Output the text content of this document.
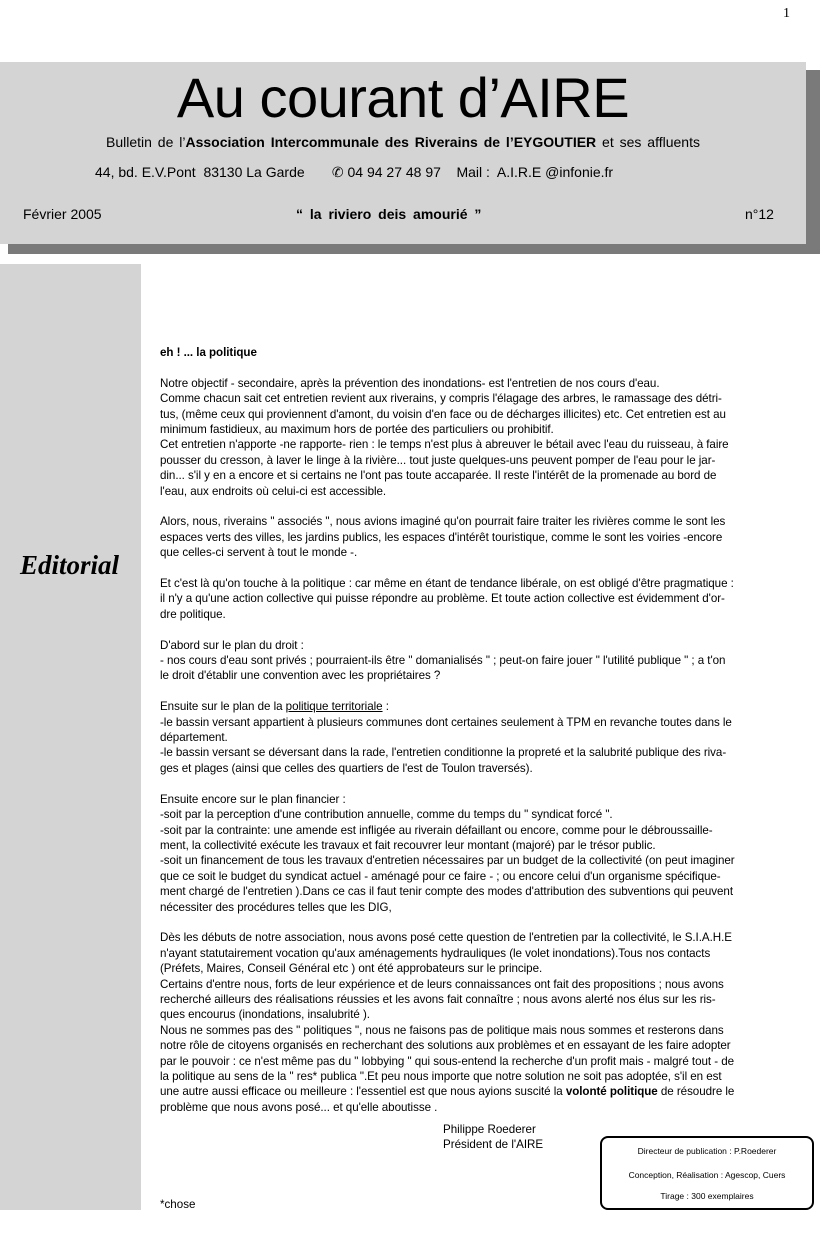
1
Au courant d’AIRE
Bulletin de l’Association Intercommunale des Riverains de l’EYGOUTIER et ses affluents
44, bd. E.V.Pont  83130 La Garde       ✆ 04 94 27 48 97    Mail :  A.I.R.E @infonie.fr
Février 2005	“ la riviero deis amourié ”	n°12
Editorial
eh ! ... la politique

Notre objectif - secondaire, après la prévention des inondations- est l'entretien de nos cours d'eau.
Comme chacun sait cet entretien revient aux riverains, y compris l'élagage des arbres, le ramassage des détri-
tus, (même ceux qui proviennent d'amont, du voisin d'en face ou de décharges illicites) etc. Cet entretien est au
minimum fastidieux, au maximum hors de portée des particuliers ou prohibitif.
Cet entretien n'apporte -ne rapporte- rien : le temps n'est plus à abreuver le bétail avec l'eau du ruisseau, à faire
pousser du cresson, à laver le linge à la rivière... tout juste quelques-uns peuvent pomper de l'eau pour le jar-
din... s'il y en a encore et si certains ne l'ont pas toute accaparée. Il reste l'intérêt de la promenade au bord de
l'eau, aux endroits où celui-ci est accessible.

Alors, nous, riverains " associés ", nous avions imaginé qu'on pourrait faire traiter les rivières comme le sont les
espaces verts des villes, les jardins publics, les espaces d'intérêt touristique, comme le sont les voiries -encore
que celles-ci servent à tout le monde -.

Et c'est là qu'on touche à la politique : car même en étant de tendance libérale, on est obligé d'être pragmatique :
il n'y a qu'une action collective qui puisse répondre au problème. Et toute action collective est évidemment d'or-
dre politique.

D'abord sur le plan du droit :
- nos cours d'eau sont privés ; pourraient-ils être " domanialisés " ; peut-on faire jouer " l'utilité publique " ; a t'on
le droit d'établir une convention avec les propriétaires ?

Ensuite sur le plan de la politique territoriale :
-le bassin versant appartient à plusieurs communes dont certaines seulement à TPM en revanche toutes dans le
département.
-le bassin versant se déversant dans la rade, l'entretien conditionne la propreté et la salubrité publique des riva-
ges et plages (ainsi que celles des quartiers de l'est de Toulon traversés).

Ensuite encore sur le plan financier :
-soit par la perception d'une contribution annuelle, comme du temps du " syndicat forcé ".
-soit par la contrainte: une amende est infligée au riverain défaillant ou encore, comme pour le débroussaille-
ment, la collectivité exécute les travaux et fait recouvrer leur montant (majoré) par le trésor public.
-soit un financement de tous les travaux d'entretien nécessaires par un budget de la collectivité (on peut imaginer
que ce soit le budget du syndicat actuel - aménagé pour ce faire - ; ou encore celui d'un organisme spécifique-
ment chargé de l'entretien ).Dans ce cas il faut tenir compte des modes d'attribution des subventions qui peuvent
nécessiter des procédures telles que les DIG,

Dès les débuts de notre association, nous avons posé cette question de l'entretien par la collectivité, le S.I.A.H.E
n'ayant statutairement vocation qu'aux aménagements hydrauliques (le volet inondations).Tous nos contacts
(Préfets, Maires, Conseil Général etc ) ont été approbateurs sur le principe.
Certains d'entre nous, forts de leur expérience et de leurs connaissances ont fait des propositions ; nous avons
recherché ailleurs des réalisations réussies et les avons fait connaître ; nous avons alerté nos élus sur les ris-
ques encourus (inondations, insalubrité ).
Nous ne sommes pas des " politiques ", nous ne faisons pas de politique mais nous sommes et resterons dans
notre rôle de citoyens organisés en recherchant des solutions aux problèmes et en essayant de les faire adopter
par le pouvoir : ce n'est même pas du " lobbying " qui sous-entend la recherche d'un profit mais - malgré tout - de
la politique au sens de la " res* publica ".Et peu nous importe que notre solution ne soit pas adoptée, s'il en est
une autre aussi efficace ou meilleure : l'essentiel est que nous ayions suscité la volonté politique de résoudre le
problème que nous avons posé... et qu'elle aboutisse .

Philippe Roederer
Président de l'AIRE	Directeur de publication : P.Roederer
Conception, Réalisation : Agescop, Cuers
Tirage : 300 exemplaires
*chose
